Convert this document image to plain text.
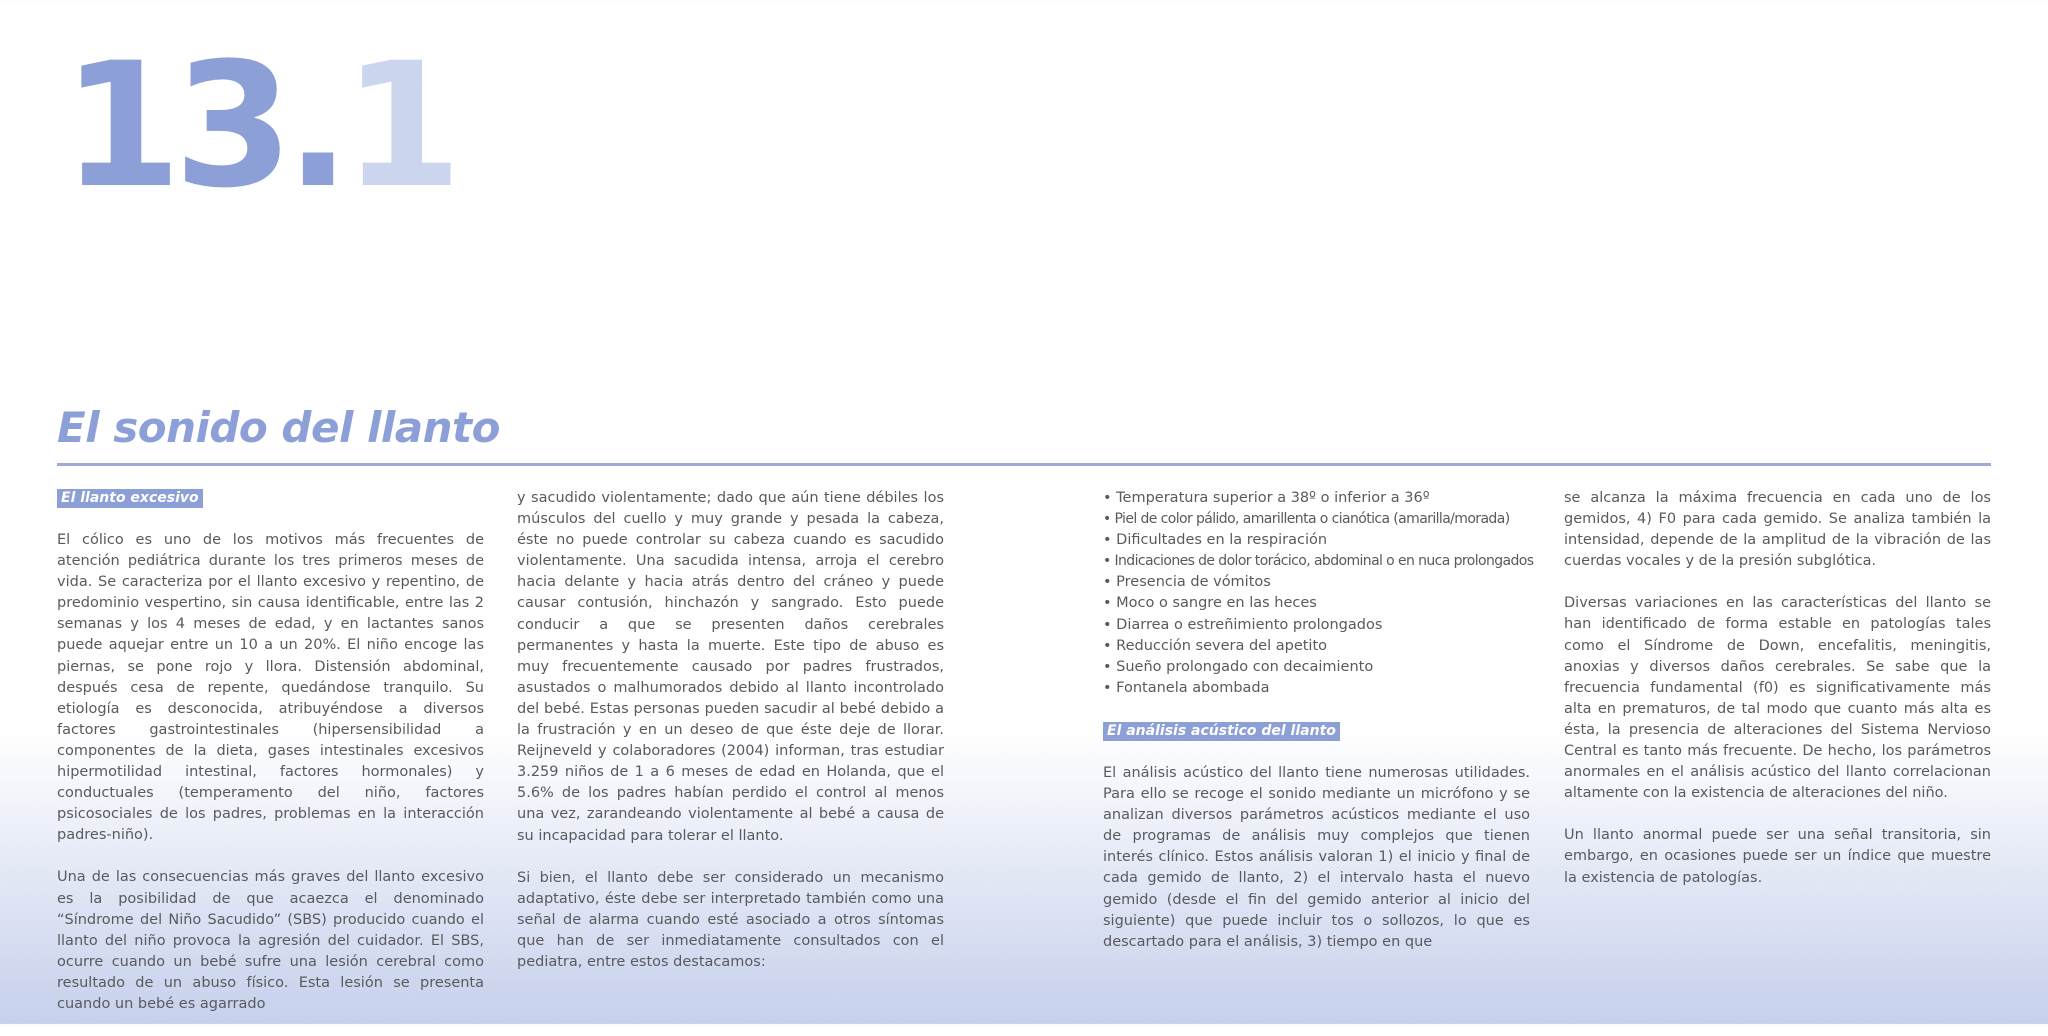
13.1
El sonido del llanto
El llanto excesivo

El cólico es uno de los motivos más frecuentes de atención pediátrica durante los tres primeros meses de vida. Se caracteriza por el llanto excesivo y repentino, de predominio vespertino, sin causa identificable, entre las 2 semanas y los 4 meses de edad, y en lactantes sanos puede aquejar entre un 10 a un 20%. El niño encoge las piernas, se pone rojo y llora. Distensión abdominal, después cesa de repente, quedándose tranquilo. Su etiología es desconocida, atribuyéndose a diversos factores gastrointestinales (hipersensibilidad a componentes de la dieta, gases intestinales excesivos hipermotilidad intestinal, factores hormonales) y conductuales (temperamento del niño, factores psicosociales de los padres, problemas en la interacción padres-niño).

Una de las consecuencias más graves del llanto excesivo es la posibilidad de que acaezca el denominado “Síndrome del Niño Sacudido” (SBS) producido cuando el llanto del niño provoca la agresión del cuidador. El SBS, ocurre cuando un bebé sufre una lesión cerebral como resultado de un abuso físico. Esta lesión se presenta cuando un bebé es agarrado

y sacudido violentamente; dado que aún tiene débiles los músculos del cuello y muy grande y pesada la cabeza, éste no puede controlar su cabeza cuando es sacudido violentamente. Una sacudida intensa, arroja el cerebro hacia delante y hacia atrás dentro del cráneo y puede causar contusión, hinchazón y sangrado. Esto puede conducir a que se presenten daños cerebrales permanentes y hasta la muerte. Este tipo de abuso es muy frecuentemente causado por padres frustrados, asustados o malhumorados debido al llanto incontrolado del bebé. Estas personas pueden sacudir al bebé debido a la frustración y en un deseo de que éste deje de llorar. Reijneveld y colaboradores (2004) informan, tras estudiar 3.259 niños de 1 a 6 meses de edad en Holanda, que el 5.6% de los padres habían perdido el control al menos una vez, zarandeando violentamente al bebé a causa de su incapacidad para tolerar el llanto.

Si bien, el llanto debe ser considerado un mecanismo adaptativo, éste debe ser interpretado también como una señal de alarma cuando esté asociado a otros síntomas que han de ser inmediatamente consultados con el pediatra, entre estos destacamos:

• Temperatura superior a 38º o inferior a 36º
• Piel de color pálido, amarillenta o cianótica (amarilla/morada)
• Dificultades en la respiración
• Indicaciones de dolor torácico, abdominal o en nuca prolongados
• Presencia de vómitos
• Moco o sangre en las heces
• Diarrea o estreñimiento prolongados
• Reducción severa del apetito
• Sueño prolongado con decaimiento
• Fontanela abombada
El análisis acústico del llanto

El análisis acústico del llanto tiene numerosas utilidades. Para ello se recoge el sonido mediante un micrófono y se analizan diversos parámetros acústicos mediante el uso de programas de análisis muy complejos que tienen interés clínico. Estos análisis valoran 1) el inicio y final de cada gemido de llanto, 2) el intervalo hasta el nuevo gemido (desde el fin del gemido anterior al inicio del siguiente) que puede incluir tos o sollozos, lo que es descartado para el análisis, 3) tiempo en que

se alcanza la máxima frecuencia en cada uno de los gemidos, 4) F0 para cada gemido. Se analiza también la intensidad, depende de la amplitud de la vibración de las cuerdas vocales y de la presión subglótica.

Diversas variaciones en las características del llanto se han identificado de forma estable en patologías tales como el Síndrome de Down, encefalitis, meningitis, anoxias y diversos daños cerebrales. Se sabe que la frecuencia fundamental (f0) es significativamente más alta en prematuros, de tal modo que cuanto más alta es ésta, la presencia de alteraciones del Sistema Nervioso Central es tanto más frecuente. De hecho, los parámetros anormales en el análisis acústico del llanto correlacionan altamente con la existencia de alteraciones del niño.

Un llanto anormal puede ser una señal transitoria, sin embargo, en ocasiones puede ser un índice que muestre la existencia de patologías.
